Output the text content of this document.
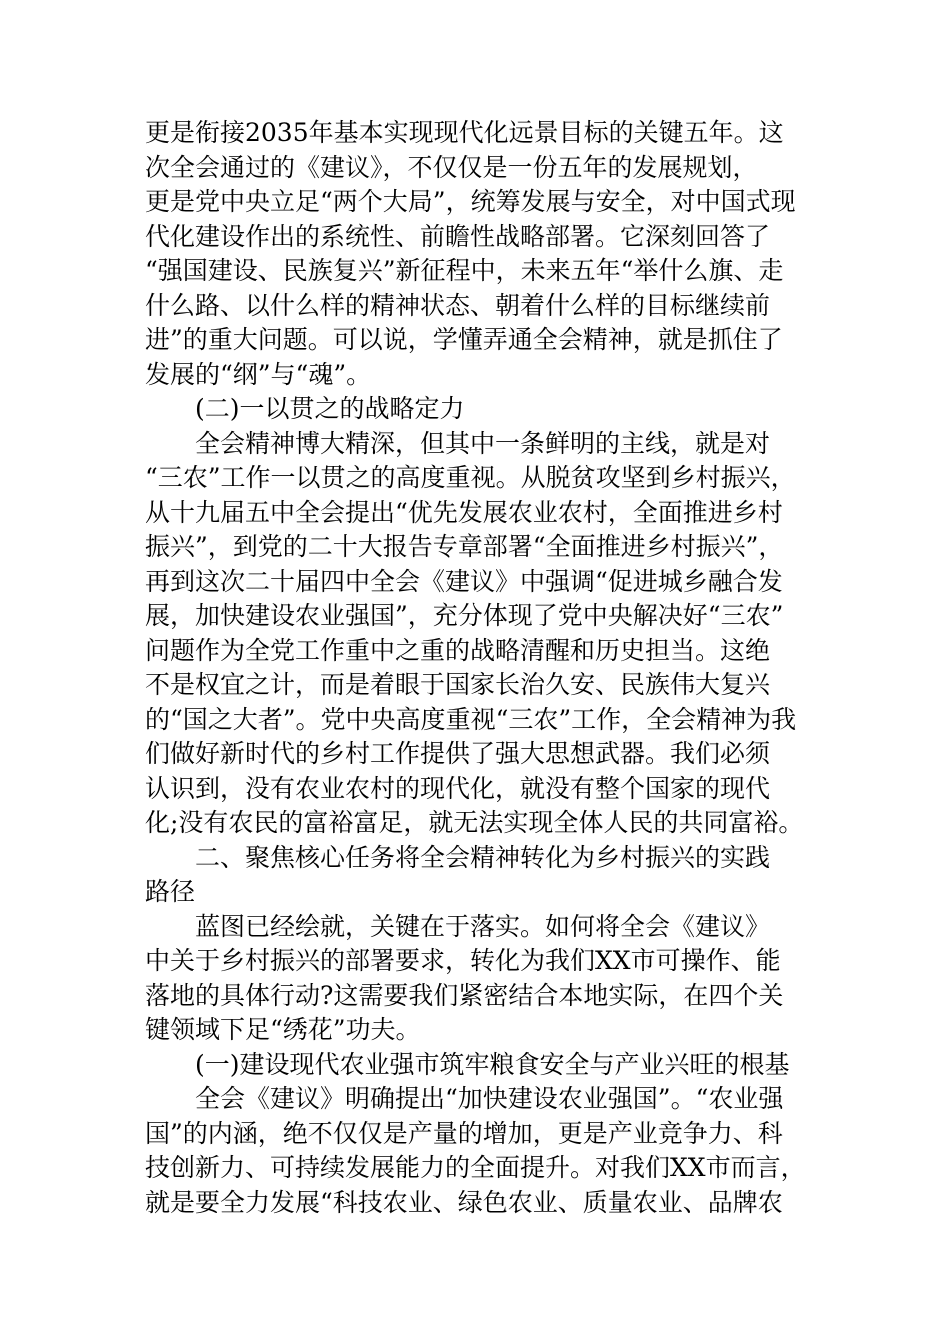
更是衔接2035年基本实现现代化远景目标的关键五年。这
次全会通过的《建议》，不仅仅是一份五年的发展规划，
更是党中央立足“两个大局”，统筹发展与安全，对中国式现
代化建设作出的系统性、前瞻性战略部署。它深刻回答了
“强国建设、民族复兴”新征程中，未来五年“举什么旗、走
什么路、以什么样的精神状态、朝着什么样的目标继续前
进”的重大问题。可以说，学懂弄通全会精神，就是抓住了
发展的“纲”与“魂”。
(二)一以贯之的战略定力
全会精神博大精深，但其中一条鲜明的主线，就是对
“三农”工作一以贯之的高度重视。从脱贫攻坚到乡村振兴，
从十九届五中全会提出“优先发展农业农村，全面推进乡村
振兴”，到党的二十大报告专章部署“全面推进乡村振兴”，
再到这次二十届四中全会《建议》中强调“促进城乡融合发
展，加快建设农业强国”，充分体现了党中央解决好“三农”
问题作为全党工作重中之重的战略清醒和历史担当。这绝
不是权宜之计，而是着眼于国家长治久安、民族伟大复兴
的“国之大者”。党中央高度重视“三农”工作，全会精神为我
们做好新时代的乡村工作提供了强大思想武器。我们必须
认识到，没有农业农村的现代化，就没有整个国家的现代
化;没有农民的富裕富足，就无法实现全体人民的共同富裕。
二、聚焦核心任务将全会精神转化为乡村振兴的实践
路径
蓝图已经绘就，关键在于落实。如何将全会《建议》
中关于乡村振兴的部署要求，转化为我们XX市可操作、能
落地的具体行动?这需要我们紧密结合本地实际，在四个关
键领域下足“绣花”功夫。
(一)建设现代农业强市筑牢粮食安全与产业兴旺的根基
全会《建议》明确提出“加快建设农业强国”。“农业强
国”的内涵，绝不仅仅是产量的增加，更是产业竞争力、科
技创新力、可持续发展能力的全面提升。对我们XX市而言，
就是要全力发展“科技农业、绿色农业、质量农业、品牌农
